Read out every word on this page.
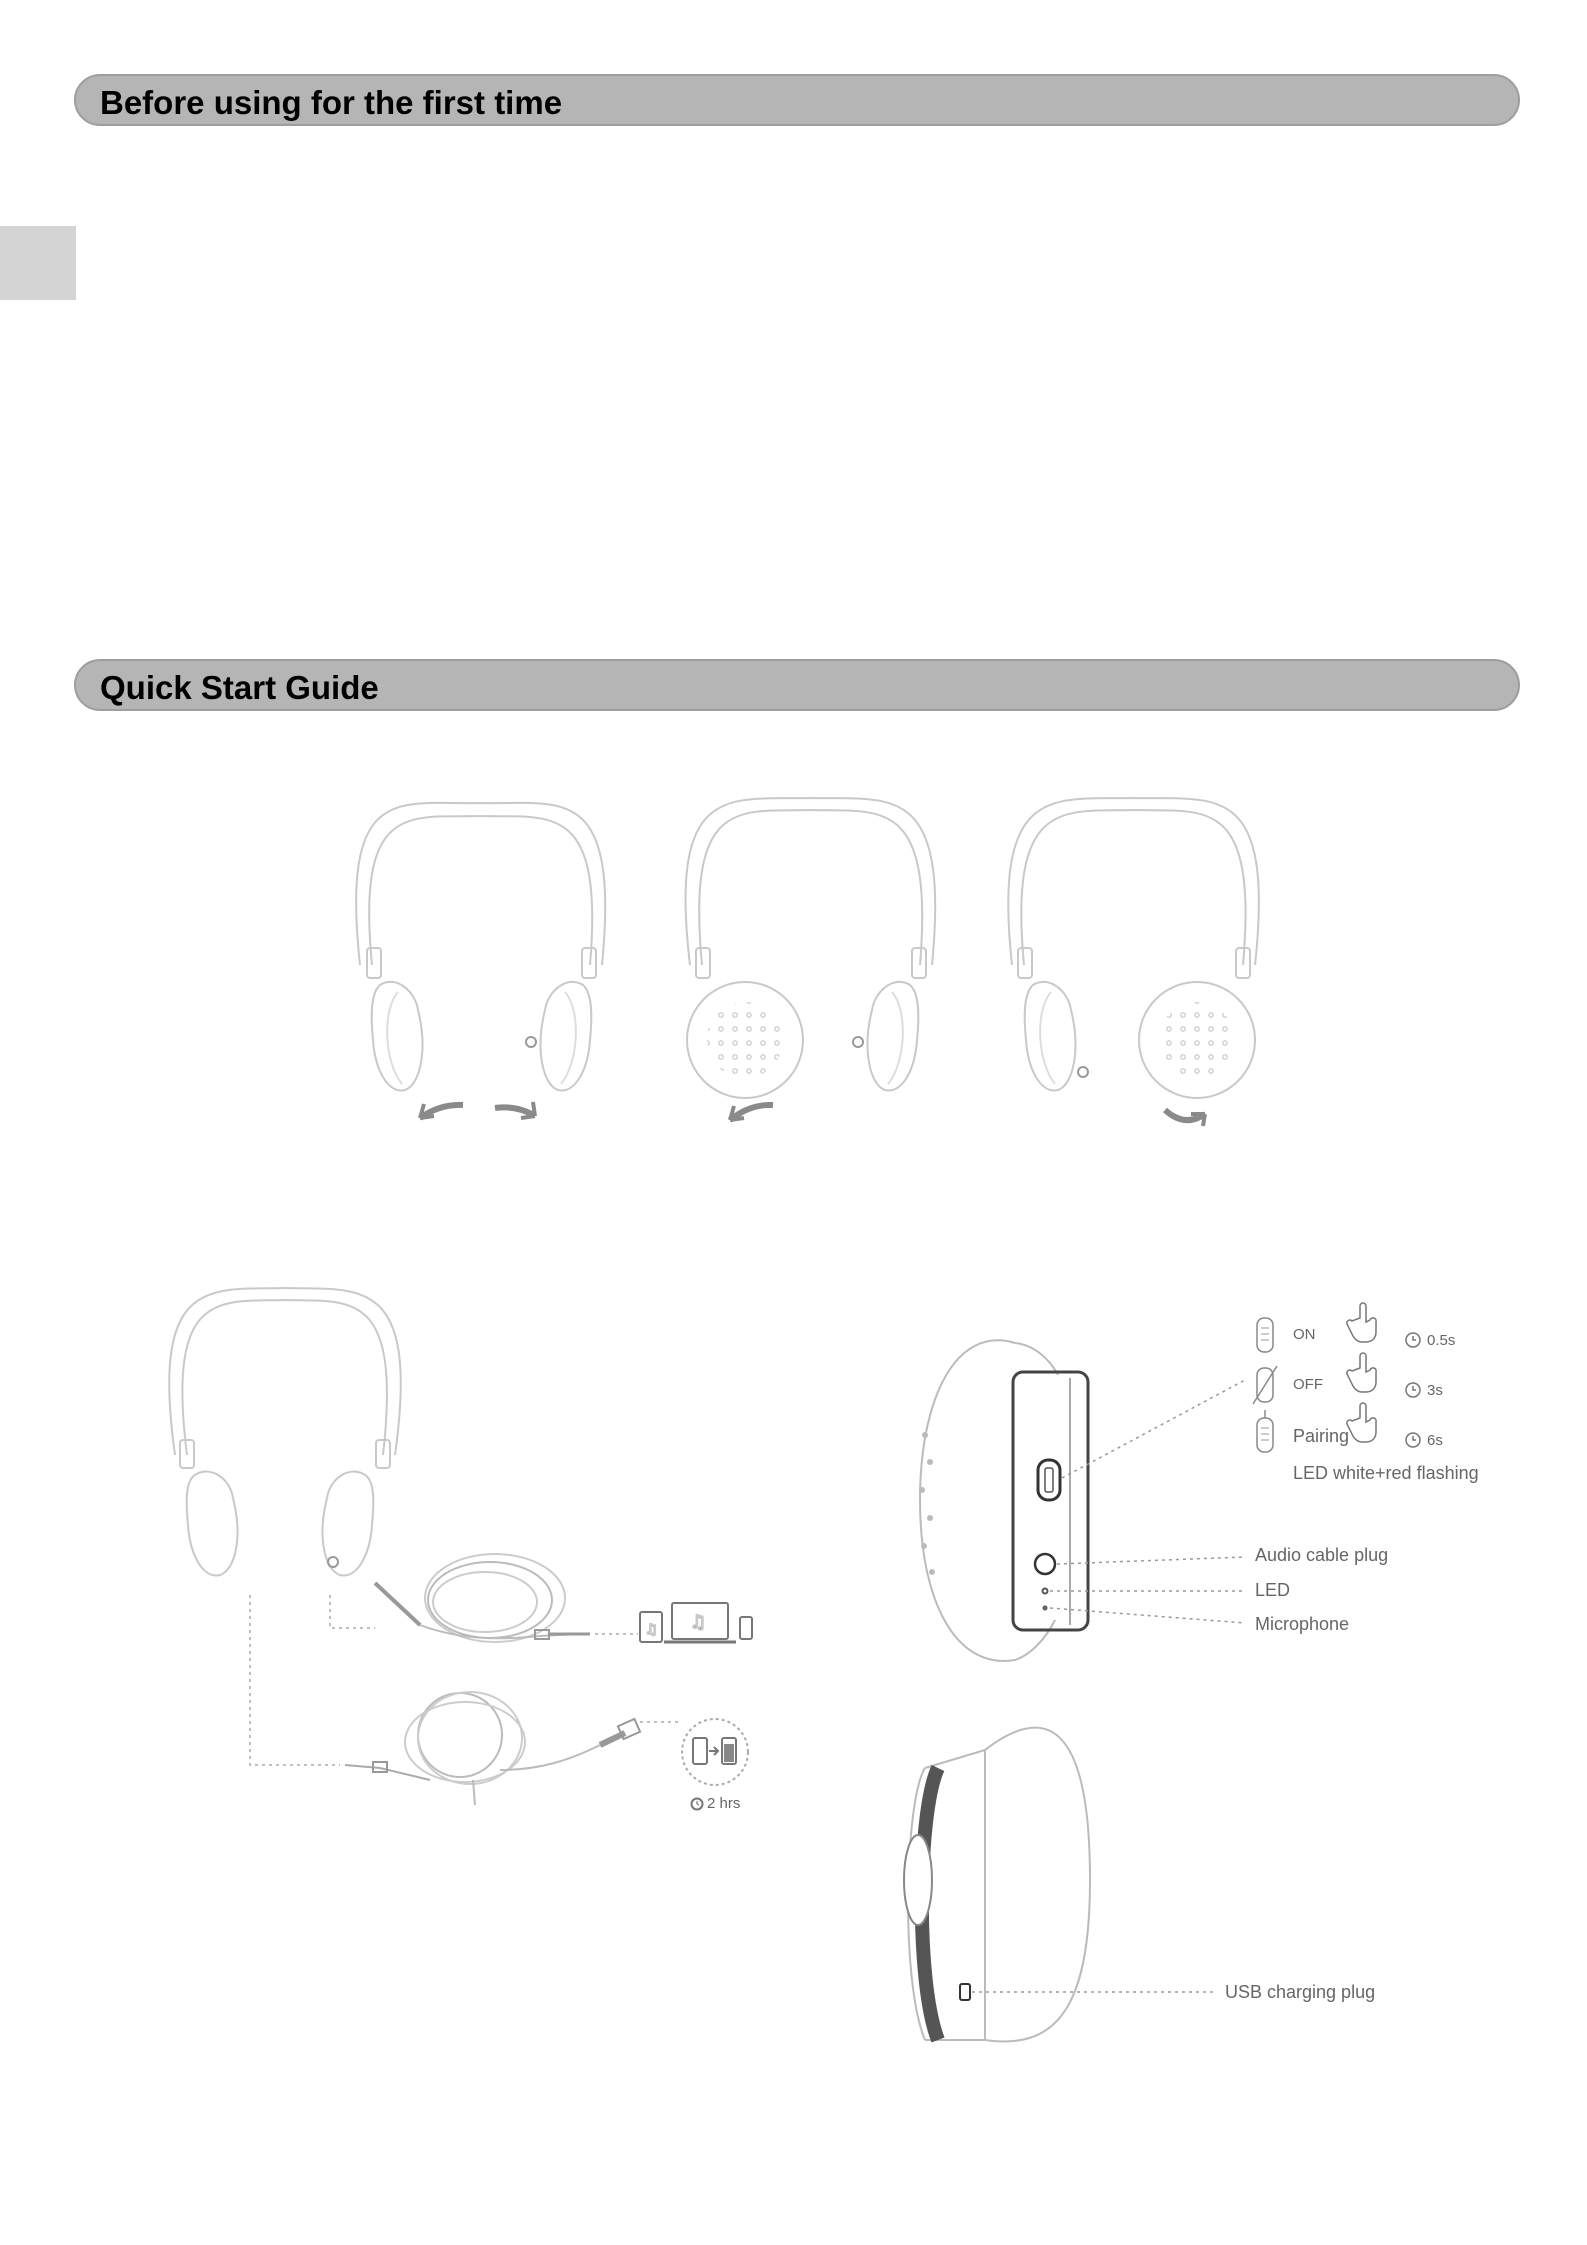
Before using for the first time
Quick Start Guide
♫ ♫
ON
OFF
Pairing
0.5s
3s
6s
LED white+red flashing
Audio cable plug
LED
Microphone
USB charging plug
2 hrs
